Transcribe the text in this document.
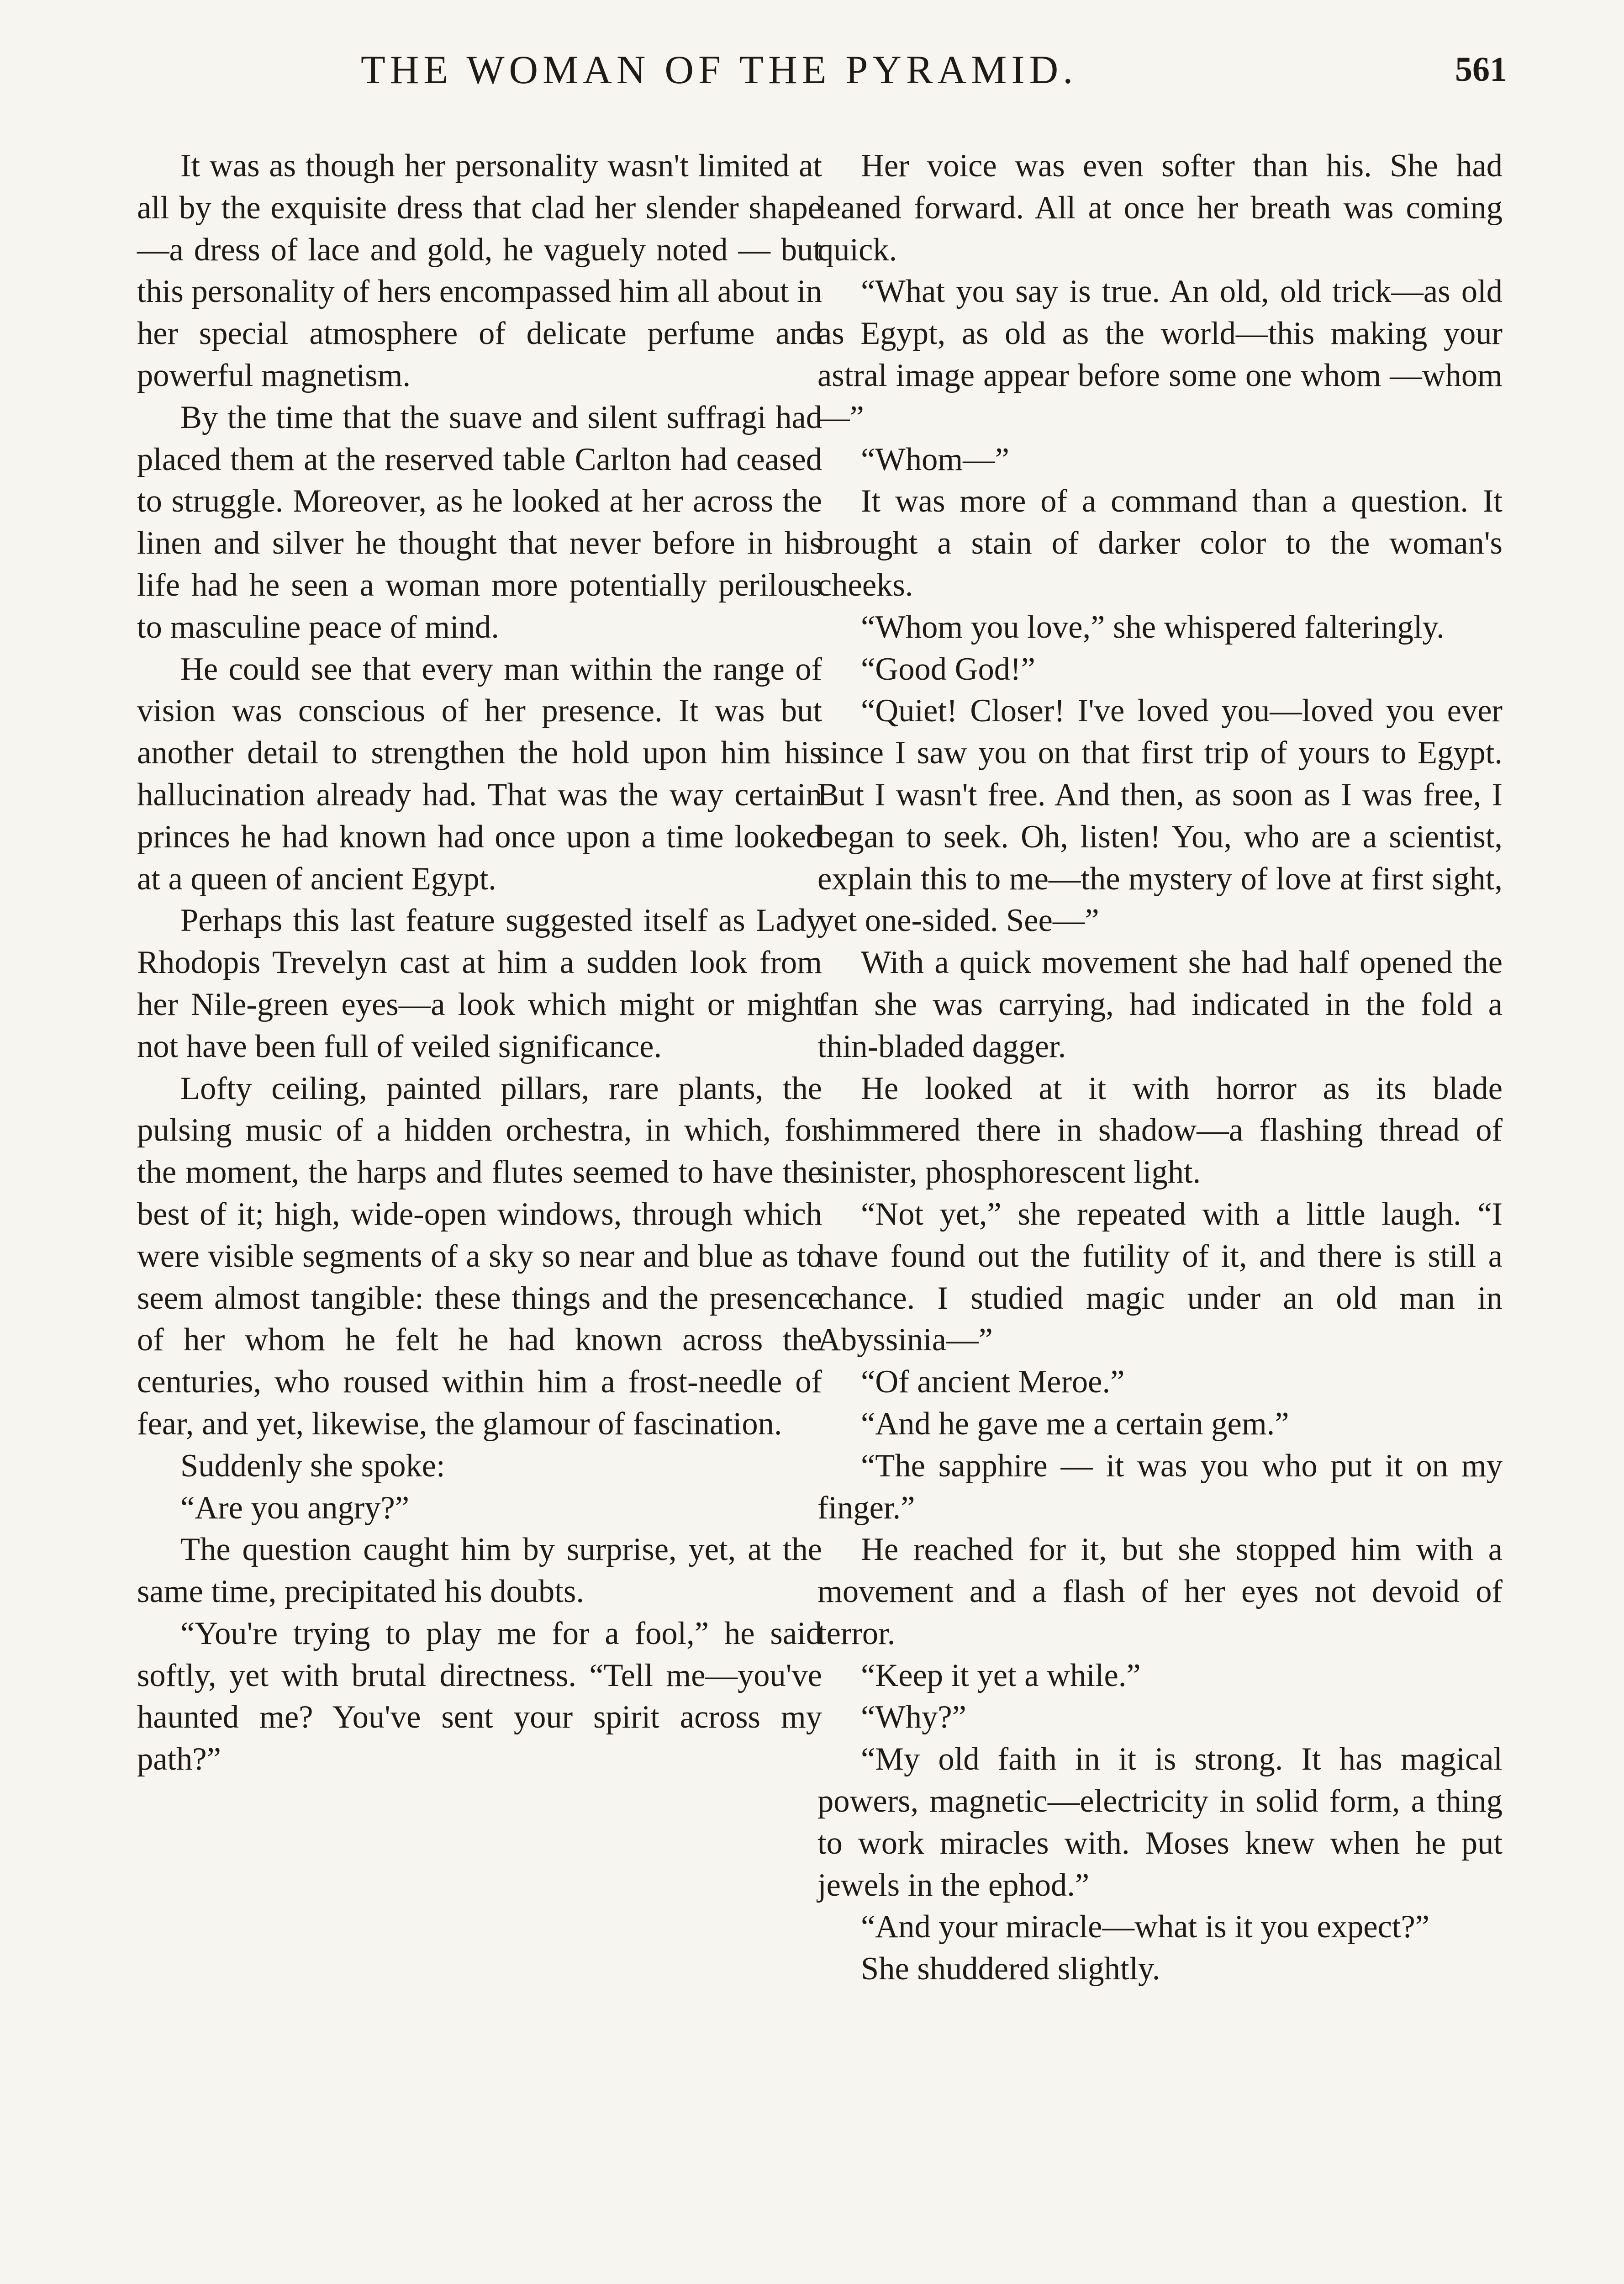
THE WOMAN OF THE PYRAMID.	561

It was as though her personality wasn't limited at all by the exquisite dress that clad her slender shape—a dress of lace and gold, he vaguely noted — but this personality of hers encompassed him all about in her special atmosphere of delicate perfume and powerful magnetism.

By the time that the suave and silent suffragi had placed them at the reserved table Carlton had ceased to struggle. Moreover, as he looked at her across the linen and silver he thought that never before in his life had he seen a woman more potentially perilous to masculine peace of mind.

He could see that every man within the range of vision was conscious of her presence. It was but another detail to strengthen the hold upon him his hallucination already had. That was the way certain princes he had known had once upon a time looked at a queen of ancient Egypt.

Perhaps this last feature suggested itself as Lady Rhodopis Trevelyn cast at him a sudden look from her Nile-green eyes—a look which might or might not have been full of veiled significance.

Lofty ceiling, painted pillars, rare plants, the pulsing music of a hidden orchestra, in which, for the moment, the harps and flutes seemed to have the best of it; high, wide-open windows, through which were visible segments of a sky so near and blue as to seem almost tangible: these things and the presence of her whom he felt he had known across the centuries, who roused within him a frost-needle of fear, and yet, likewise, the glamour of fascination.

Suddenly she spoke:

“Are you angry?”

The question caught him by surprise, yet, at the same time, precipitated his doubts.

“You're trying to play me for a fool,” he said softly, yet with brutal directness. “Tell me—you've haunted me? You've sent your spirit across my path?”

Her voice was even softer than his. She had leaned forward. All at once her breath was coming quick.

“What you say is true. An old, old trick—as old as Egypt, as old as the world—this making your astral image appear before some one whom —whom—”

“Whom—”

It was more of a command than a question. It brought a stain of darker color to the woman's cheeks.

“Whom you love,” she whispered falteringly.

“Good God!”

“Quiet! Closer! I've loved you—loved you ever since I saw you on that first trip of yours to Egypt. But I wasn't free. And then, as soon as I was free, I began to seek. Oh, listen! You, who are a scientist, explain this to me—the mystery of love at first sight, yet one-sided. See—”

With a quick movement she had half opened the fan she was carrying, had indicated in the fold a thin-bladed dagger.

He looked at it with horror as its blade shimmered there in shadow—a flashing thread of sinister, phosphorescent light.

“Not yet,” she repeated with a little laugh. “I have found out the futility of it, and there is still a chance. I studied magic under an old man in Abyssinia—”

“Of ancient Meroe.”

“And he gave me a certain gem.”

“The sapphire — it was you who put it on my finger.”

He reached for it, but she stopped him with a movement and a flash of her eyes not devoid of terror.

“Keep it yet a while.”

“Why?”

“My old faith in it is strong. It has magical powers, magnetic—electricity in solid form, a thing to work miracles with. Moses knew when he put jewels in the ephod.”

“And your miracle—what is it you expect?”

She shuddered slightly.
